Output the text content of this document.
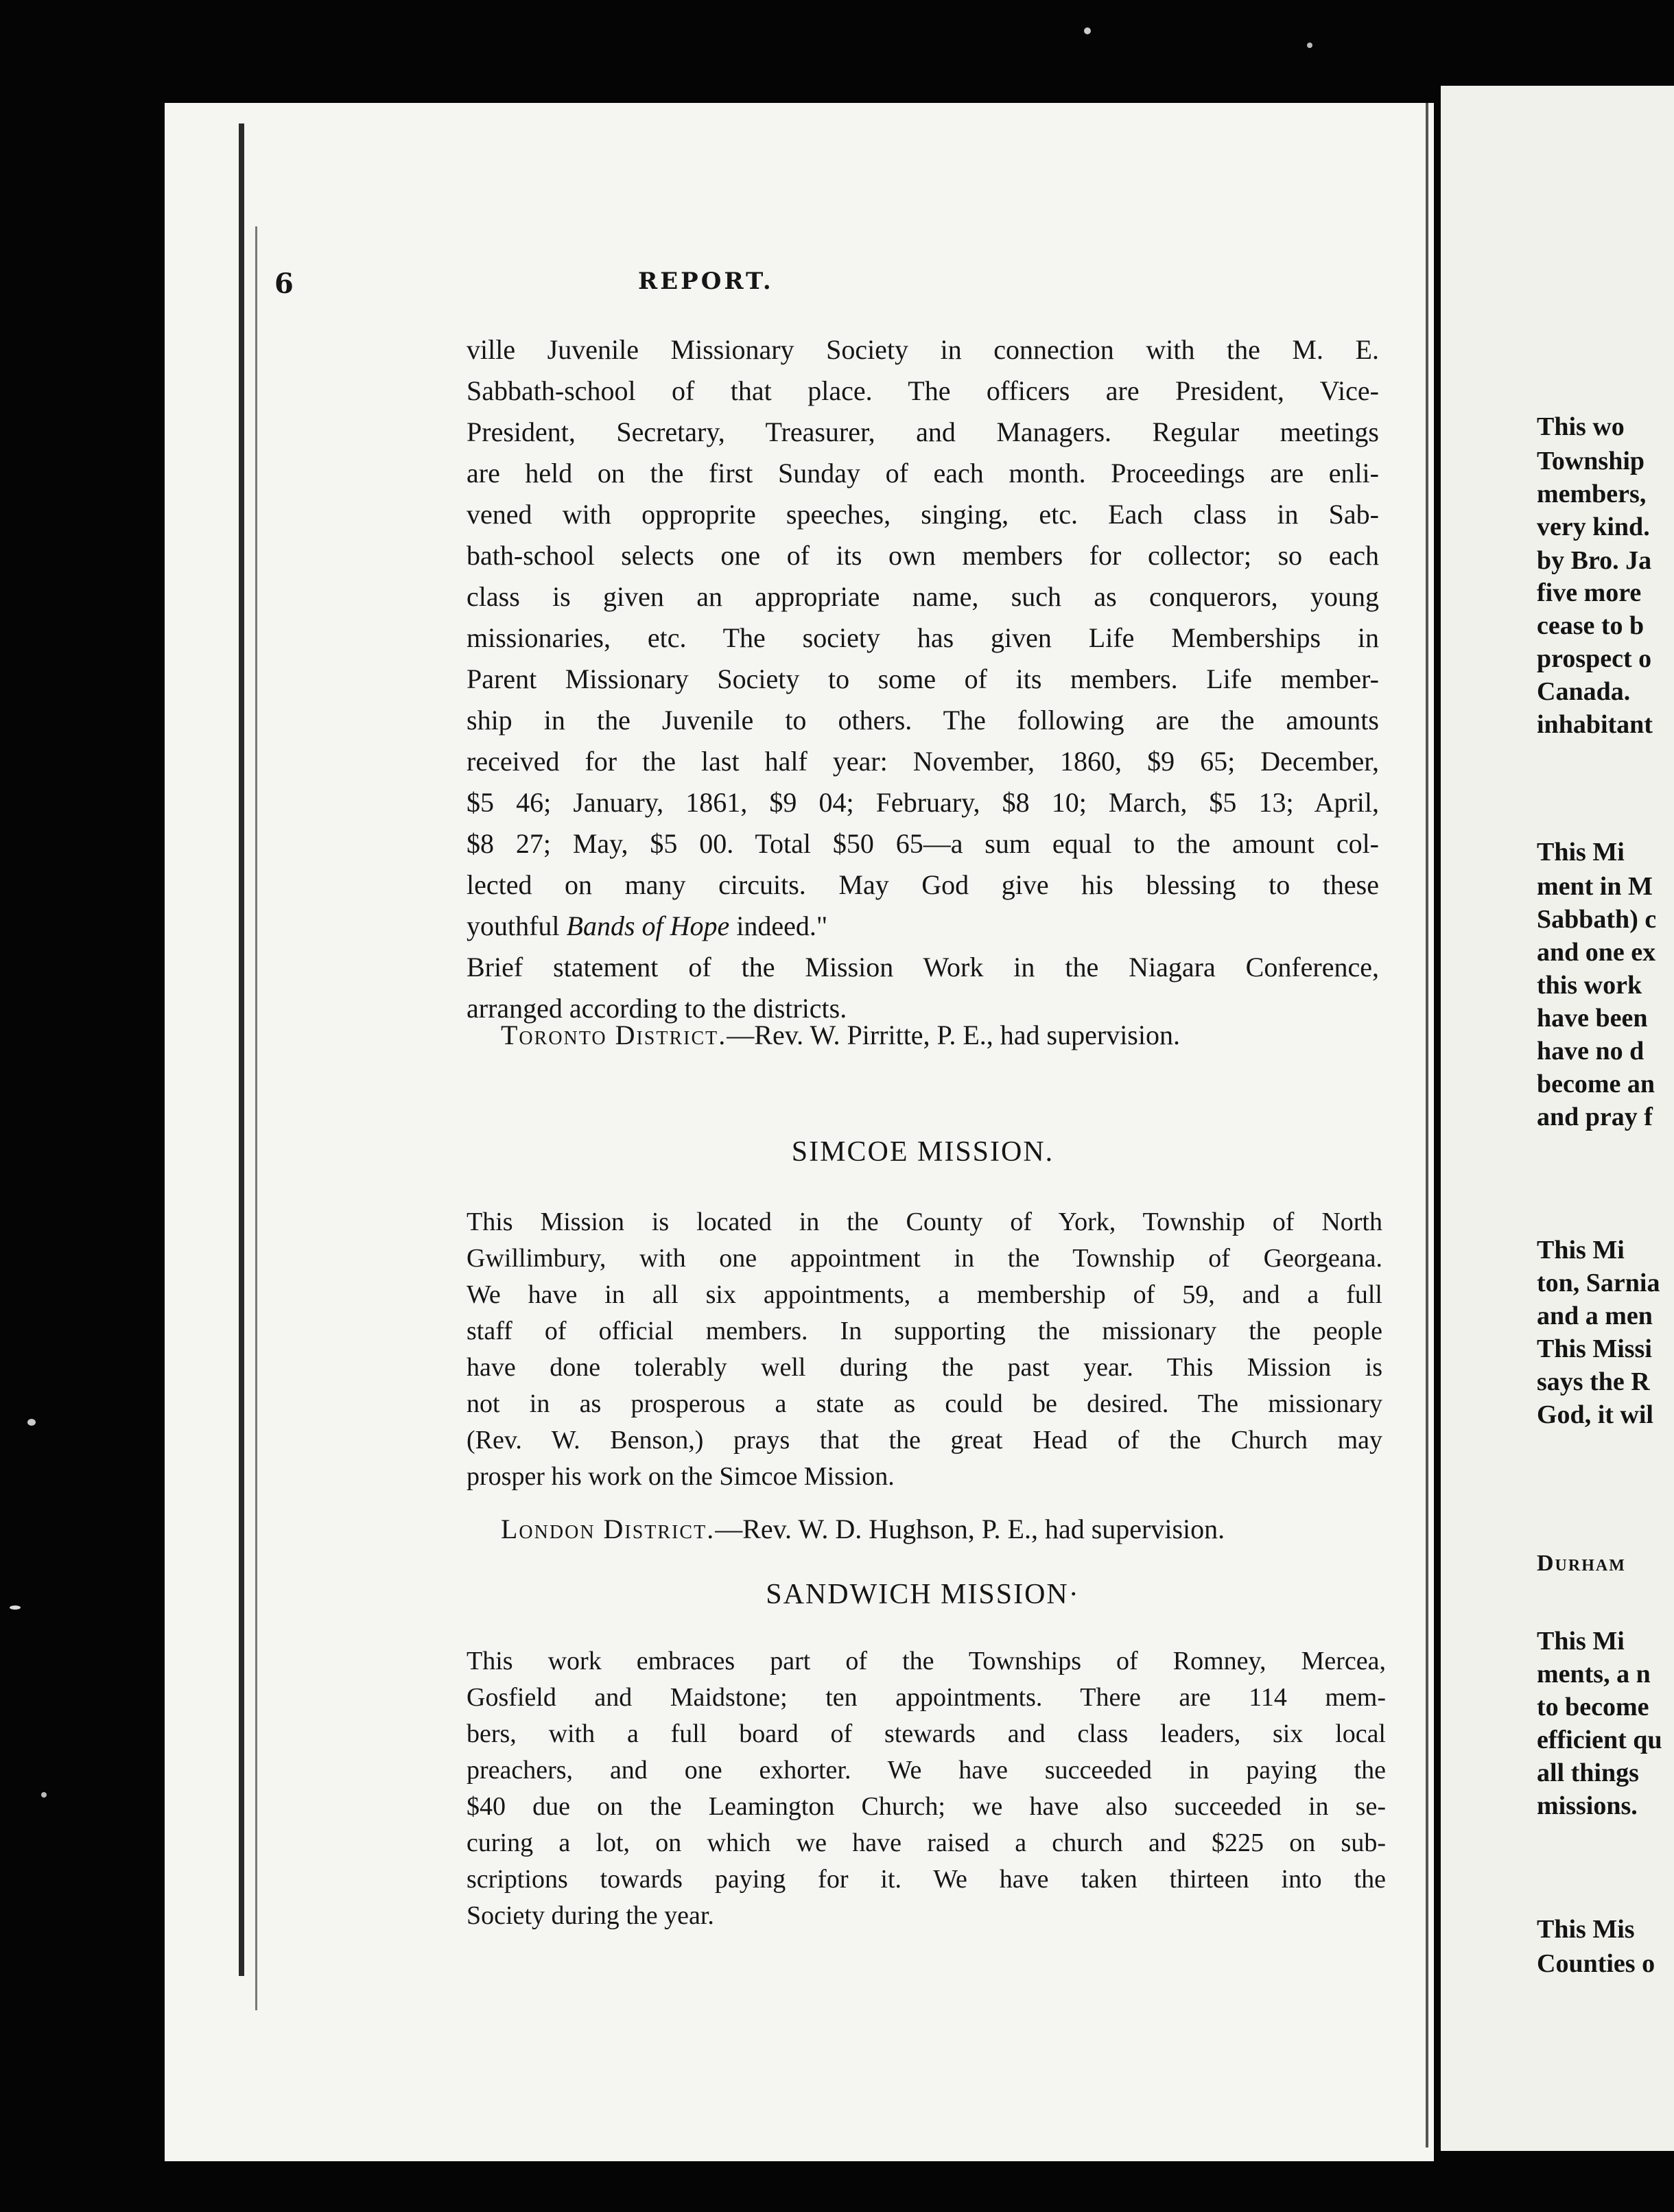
This wo
Township
members,
very kind.
by Bro. Ja
five more
cease to b
prospect o
Canada.
inhabitant
This Mi
ment in M
Sabbath) c
and one ex
this work
have been
have no d
become an
and pray f
This Mi
ton, Sarnia
and a men
This Missi
says the R
God, it wil
Durham
This Mi
ments, a n
to become
efficient qu
all things
missions.
This Mis
Counties o
6	REPORT.
ville Juvenile Missionary Society in connection with the M. E.
Sabbath-school of that place. The officers are President, Vice-
President, Secretary, Treasurer, and Managers. Regular meetings
are held on the first Sunday of each month. Proceedings are enli-
vened with opproprite speeches, singing, etc. Each class in Sab-
bath-school selects one of its own members for collector; so each
class is given an appropriate name, such as conquerors, young
missionaries, etc. The society has given Life Memberships in
Parent Missionary Society to some of its members. Life member-
ship in the Juvenile to others. The following are the amounts
received for the last half year: November, 1860, $9 65; December,
$5 46; January, 1861, $9 04; February, $8 10; March, $5 13; April,
$8 27; May, $5 00. Total $50 65—a sum equal to the amount col-
lected on many circuits. May God give his blessing to these
youthful Bands of Hope indeed."
Brief statement of the Mission Work in the Niagara Conference,
arranged according to the districts.
Toronto District.—Rev. W. Pirritte, P. E., had supervision.
SIMCOE MISSION.
This Mission is located in the County of York, Township of North
Gwillimbury, with one appointment in the Township of Georgeana.
We have in all six appointments, a membership of 59, and a full
staff of official members. In supporting the missionary the people
have done tolerably well during the past year. This Mission is
not in as prosperous a state as could be desired. The missionary
(Rev. W. Benson,) prays that the great Head of the Church may
prosper his work on the Simcoe Mission.
London District.—Rev. W. D. Hughson, P. E., had supervision.
SANDWICH MISSION·
This work embraces part of the Townships of Romney, Mercea,
Gosfield and Maidstone; ten appointments. There are 114 mem-
bers, with a full board of stewards and class leaders, six local
preachers, and one exhorter. We have succeeded in paying the
$40 due on the Leamington Church; we have also succeeded in se-
curing a lot, on which we have raised a church and $225 on sub-
scriptions towards paying for it. We have taken thirteen into the
Society during the year.
